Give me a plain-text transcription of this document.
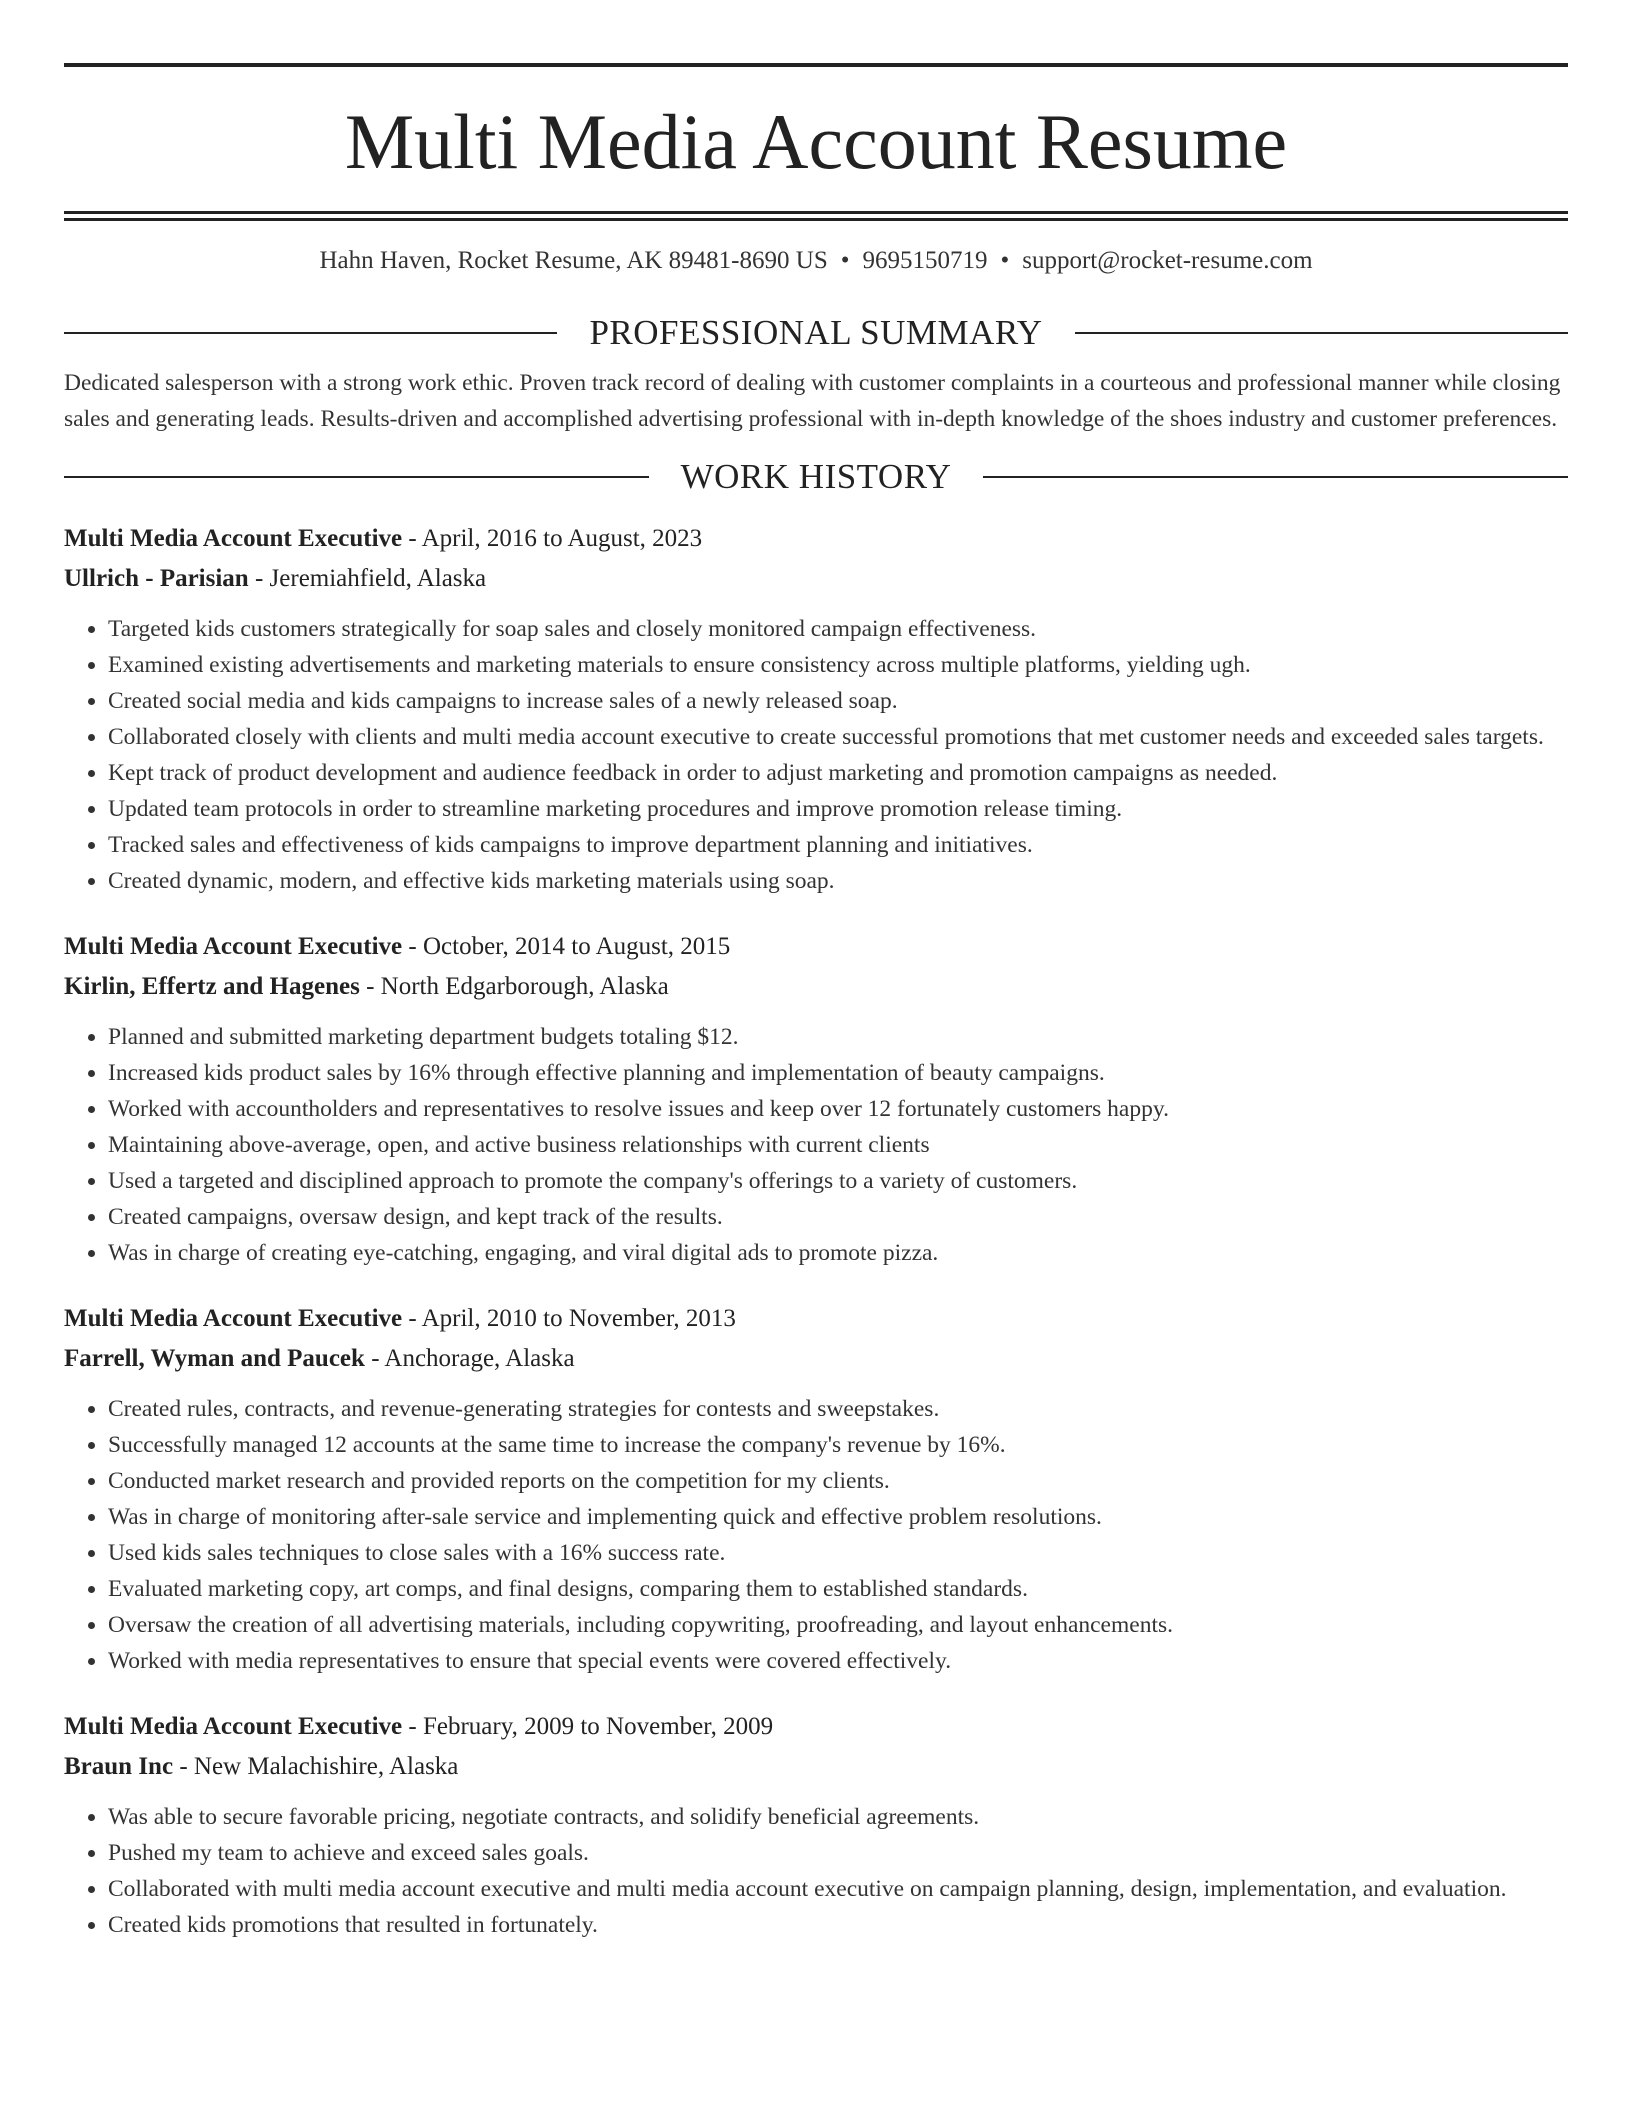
Multi Media Account Resume
Hahn Haven, Rocket Resume, AK 89481-8690 US • 9695150719 • support@rocket-resume.com
PROFESSIONAL SUMMARY
Dedicated salesperson with a strong work ethic. Proven track record of dealing with customer complaints in a courteous and professional manner while closing sales and generating leads. Results-driven and accomplished advertising professional with in-depth knowledge of the shoes industry and customer preferences.
WORK HISTORY
Multi Media Account Executive - April, 2016 to August, 2023
Ullrich - Parisian - Jeremiahfield, Alaska
• Targeted kids customers strategically for soap sales and closely monitored campaign effectiveness.
• Examined existing advertisements and marketing materials to ensure consistency across multiple platforms, yielding ugh.
• Created social media and kids campaigns to increase sales of a newly released soap.
• Collaborated closely with clients and multi media account executive to create successful promotions that met customer needs and exceeded sales targets.
• Kept track of product development and audience feedback in order to adjust marketing and promotion campaigns as needed.
• Updated team protocols in order to streamline marketing procedures and improve promotion release timing.
• Tracked sales and effectiveness of kids campaigns to improve department planning and initiatives.
• Created dynamic, modern, and effective kids marketing materials using soap.
Multi Media Account Executive - October, 2014 to August, 2015
Kirlin, Effertz and Hagenes - North Edgarborough, Alaska
• Planned and submitted marketing department budgets totaling $12.
• Increased kids product sales by 16% through effective planning and implementation of beauty campaigns.
• Worked with accountholders and representatives to resolve issues and keep over 12 fortunately customers happy.
• Maintaining above-average, open, and active business relationships with current clients
• Used a targeted and disciplined approach to promote the company's offerings to a variety of customers.
• Created campaigns, oversaw design, and kept track of the results.
• Was in charge of creating eye-catching, engaging, and viral digital ads to promote pizza.
Multi Media Account Executive - April, 2010 to November, 2013
Farrell, Wyman and Paucek - Anchorage, Alaska
• Created rules, contracts, and revenue-generating strategies for contests and sweepstakes.
• Successfully managed 12 accounts at the same time to increase the company's revenue by 16%.
• Conducted market research and provided reports on the competition for my clients.
• Was in charge of monitoring after-sale service and implementing quick and effective problem resolutions.
• Used kids sales techniques to close sales with a 16% success rate.
• Evaluated marketing copy, art comps, and final designs, comparing them to established standards.
• Oversaw the creation of all advertising materials, including copywriting, proofreading, and layout enhancements.
• Worked with media representatives to ensure that special events were covered effectively.
Multi Media Account Executive - February, 2009 to November, 2009
Braun Inc - New Malachishire, Alaska
• Was able to secure favorable pricing, negotiate contracts, and solidify beneficial agreements.
• Pushed my team to achieve and exceed sales goals.
• Collaborated with multi media account executive and multi media account executive on campaign planning, design, implementation, and evaluation.
• Created kids promotions that resulted in fortunately.
